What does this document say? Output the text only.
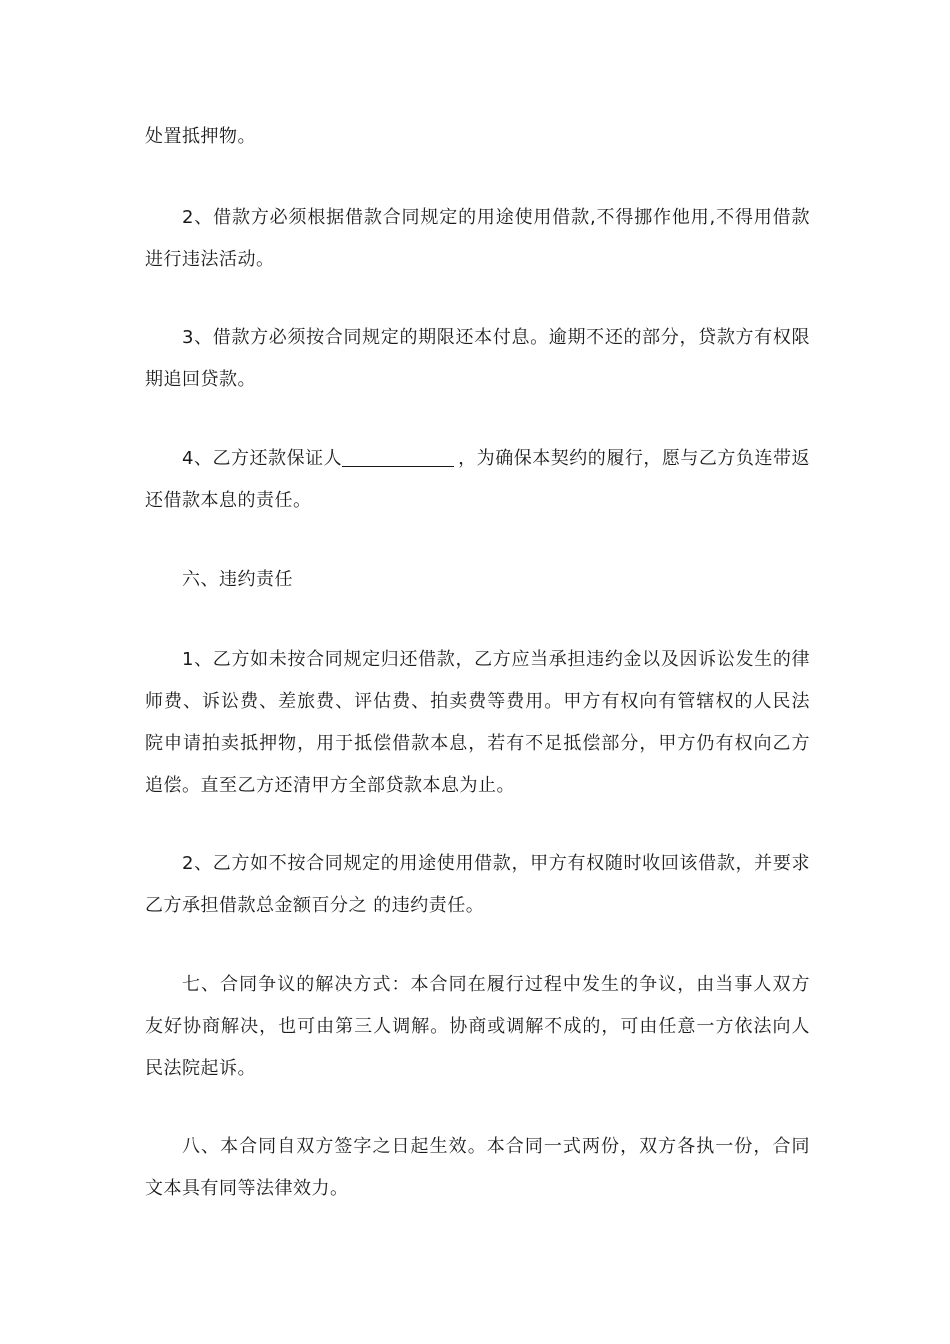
处置抵押物。

2、借款方必须根据借款合同规定的用途使用借款,不得挪作他用,不得用借款进行违法活动。

3、借款方必须按合同规定的期限还本付息。逾期不还的部分，贷款方有权限期追回贷款。

4、乙方还款保证人	，为确保本契约的履行，愿与乙方负连带返还借款本息的责任。

六、违约责任

1、乙方如未按合同规定归还借款，乙方应当承担违约金以及因诉讼发生的律师费、诉讼费、差旅费、评估费、拍卖费等费用。甲方有权向有管辖权的人民法院申请拍卖抵押物，用于抵偿借款本息，若有不足抵偿部分，甲方仍有权向乙方追偿。直至乙方还清甲方全部贷款本息为止。

2、乙方如不按合同规定的用途使用借款，甲方有权随时收回该借款，并要求乙方承担借款总金额百分之 的违约责任。

七、合同争议的解决方式：本合同在履行过程中发生的争议，由当事人双方友好协商解决，也可由第三人调解。协商或调解不成的，可由任意一方依法向人民法院起诉。

八、本合同自双方签字之日起生效。本合同一式两份，双方各执一份，合同文本具有同等法律效力。
